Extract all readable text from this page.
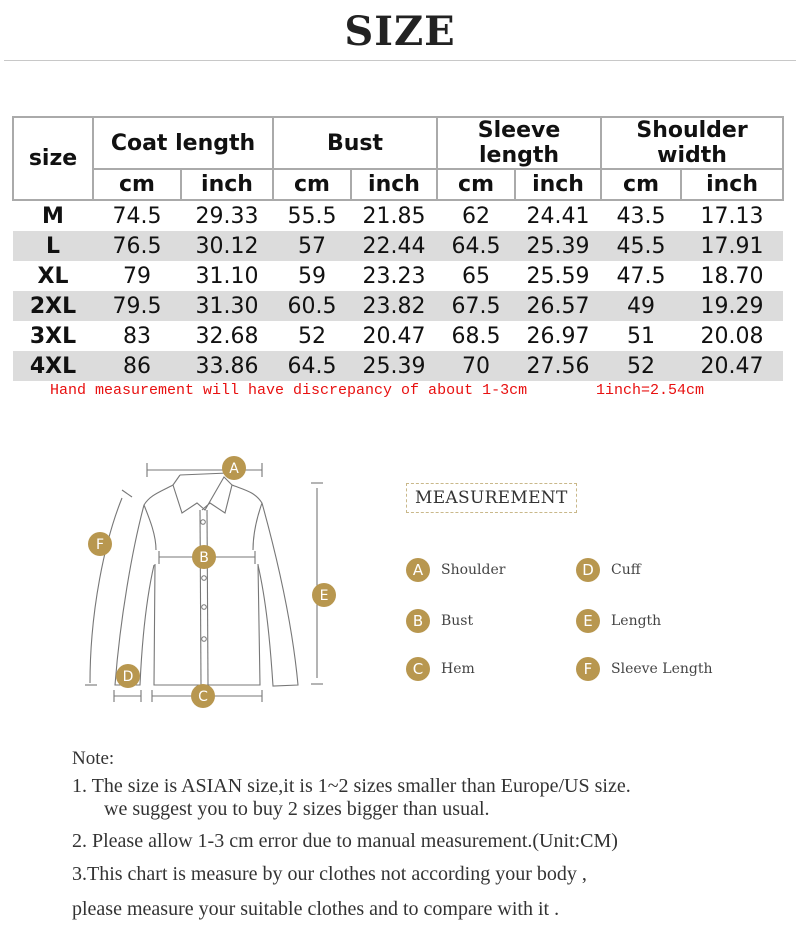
SIZE
size	Coat length		Bust		Sleeve length		Shoulder width	
	cm	inch	cm	inch	cm	inch	cm	inch
M	74.5	29.33	55.5	21.85	62	24.41	43.5	17.13
L	76.5	30.12	57	22.44	64.5	25.39	45.5	17.91
XL	79	31.10	59	23.23	65	25.59	47.5	18.70
2XL	79.5	31.30	60.5	23.82	67.5	26.57	49	19.29
3XL	83	32.68	52	20.47	68.5	26.97	51	20.08
4XL	86	33.86	64.5	25.39	70	27.56	52	20.47
Hand measurement will have discrepancy of about 1-3cm	1inch=2.54cm
A
B
C
D
E
F
MEASUREMENT
A	Shoulder
B	Bust
C	Hem
D	Cuff
E	Length
F	Sleeve Length
Note:
1. The size is ASIAN size,it is 1~2 sizes smaller than Europe/US size.
we suggest you to buy 2 sizes bigger than usual.
2. Please allow 1-3 cm error due to manual measurement.(Unit:CM)
3.This chart is measure by our clothes not according your body ,
please measure your suitable clothes and to compare with it .
